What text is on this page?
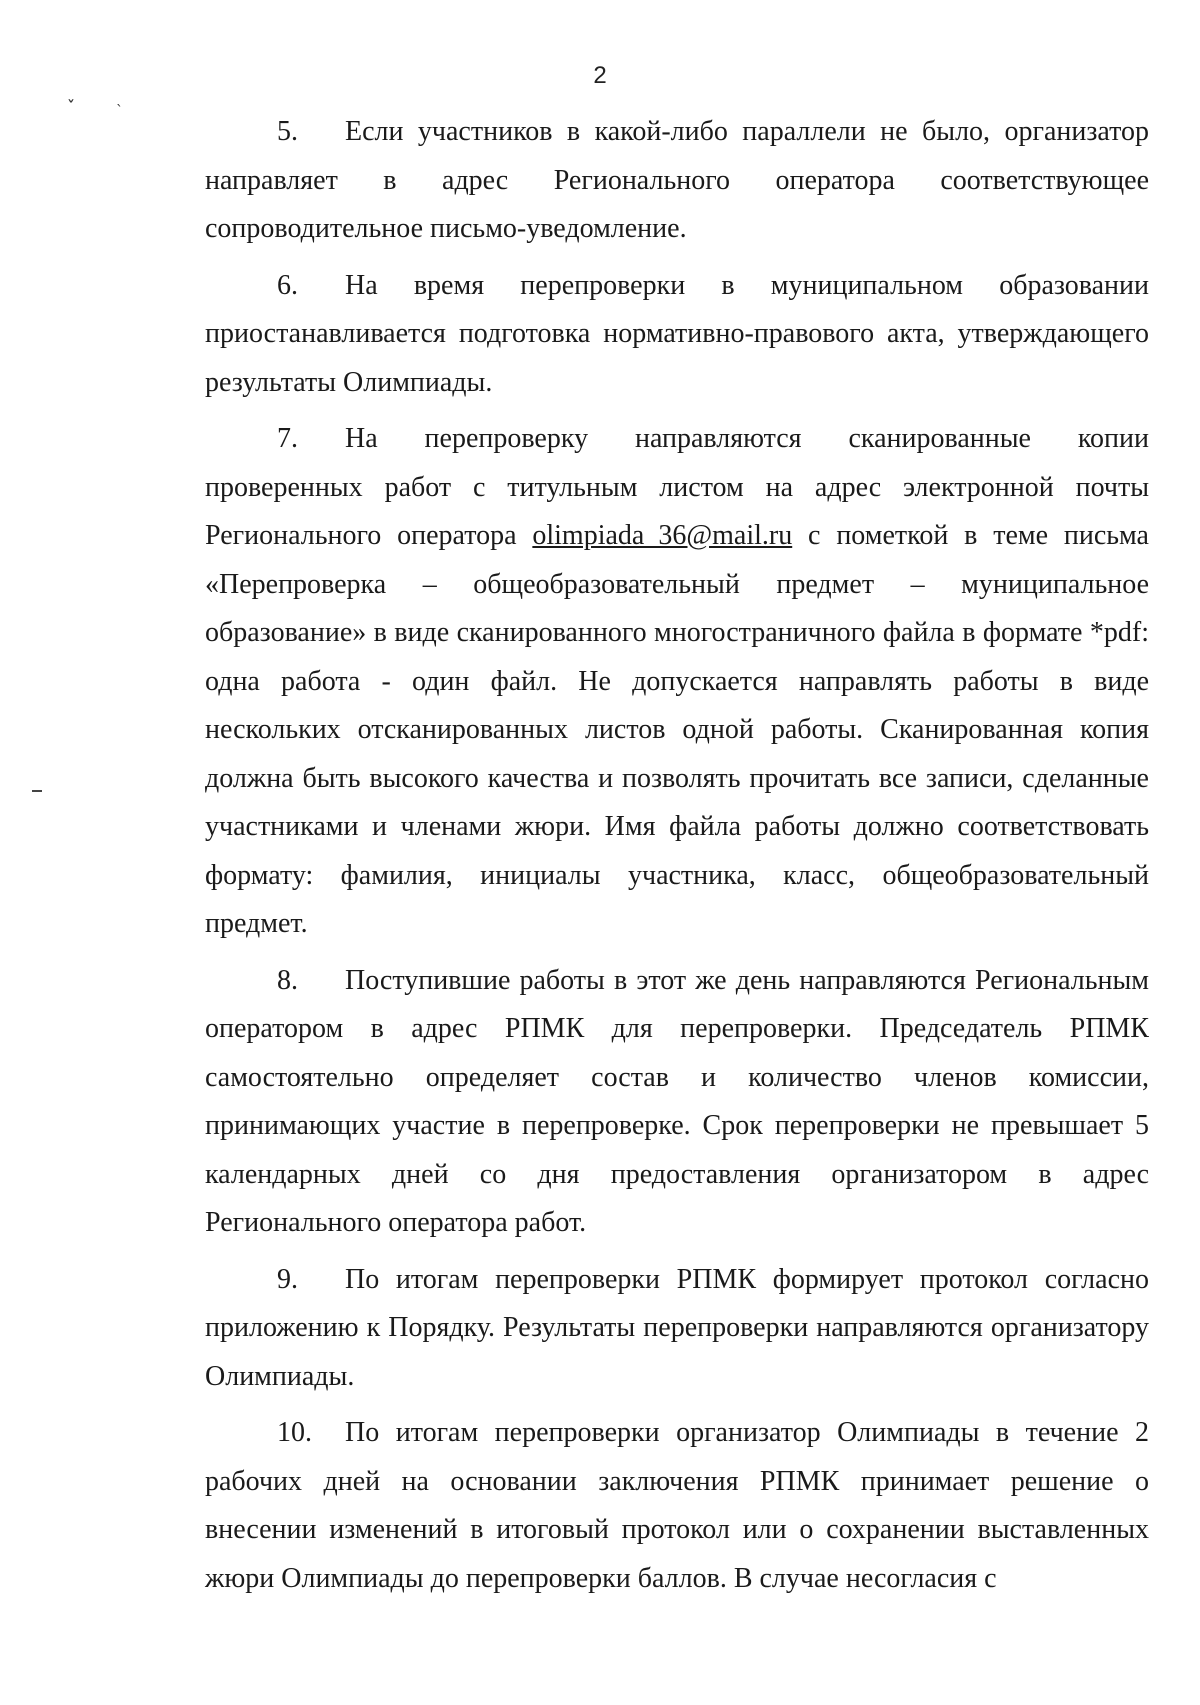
2
ˎ

5. Если участников в какой-либо параллели не было, организатор направляет в адрес Регионального оператора соответствующее сопроводительное письмо-уведомление.

6. На время перепроверки в муниципальном образовании приостанавливается подготовка нормативно-правового акта, утверждающего результаты Олимпиады.

7. На перепроверку направляются сканированные копии проверенных работ с титульным листом на адрес электронной почты Регионального оператора olimpiada_36@mail.ru с пометкой в теме письма «Перепроверка – общеобразовательный предмет – муниципальное образование» в виде сканированного многостраничного файла в формате *pdf: одна работа - один файл. Не допускается направлять работы в виде нескольких отсканированных листов одной работы. Сканированная копия должна быть высокого качества и позволять прочитать все записи, сделанные участниками и членами жюри. Имя файла работы должно соответствовать формату: фамилия, инициалы участника, класс, общеобразовательный предмет.

8. Поступившие работы в этот же день направляются Региональным оператором в адрес РПМК для перепроверки. Председатель РПМК самостоятельно определяет состав и количество членов комиссии, принимающих участие в перепроверке. Срок перепроверки не превышает 5 календарных дней со дня предоставления организатором в адрес Регионального оператора работ.

9. По итогам перепроверки РПМК формирует протокол согласно приложению к Порядку. Результаты перепроверки направляются организатору Олимпиады.

10. По итогам перепроверки организатор Олимпиады в течение 2 рабочих дней на основании заключения РПМК принимает решение о внесении изменений в итоговый протокол или о сохранении выставленных жюри Олимпиады до перепроверки баллов. В случае несогласия с
